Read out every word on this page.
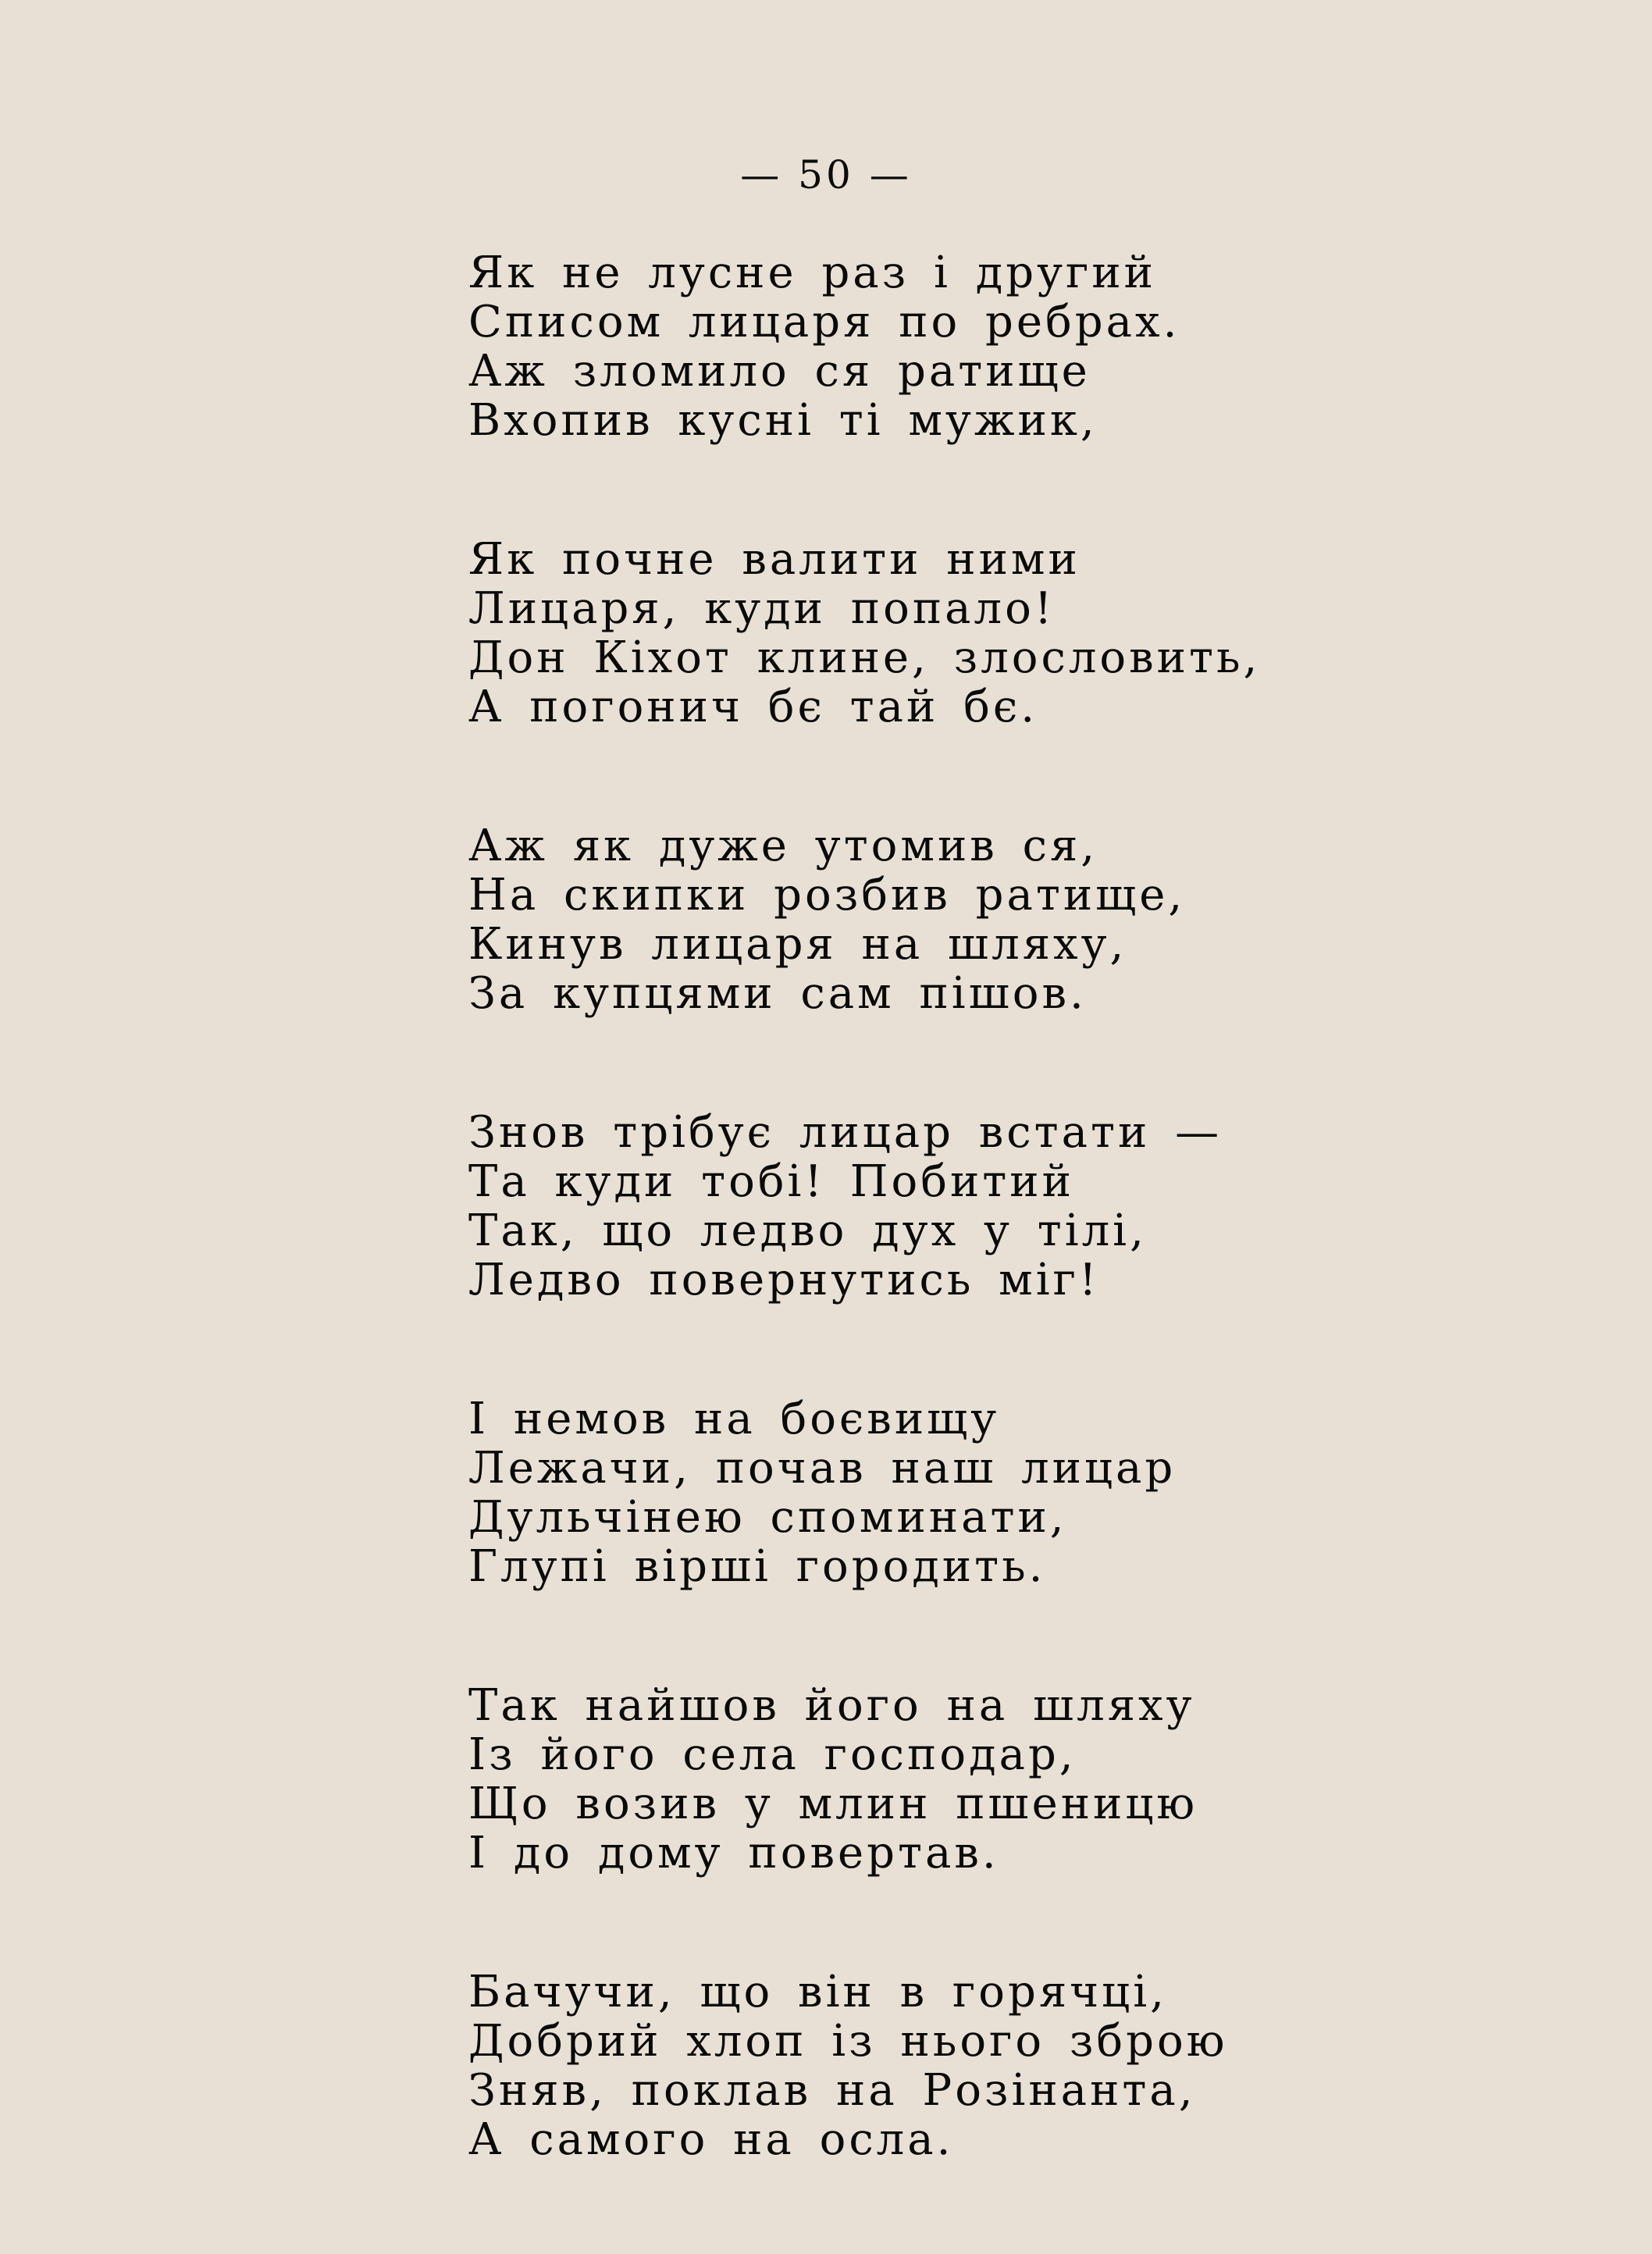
— 50 —
Як не лусне раз і другий
Списом лицаря по ребрах.
Аж зломило ся ратище
Вхопив кусні ті мужик,
Як почне валити ними
Лицаря, куди попало!
Дон Кіхот клине, злословить,
А погонич бє тай бє.
Аж як дуже утомив ся,
На скипки розбив ратище,
Кинув лицаря на шляху,
За купцями сам пішов.
Знов трібує лицар встати —
Та куди тобі! Побитий
Так, що ледво дух у тілі,
Ледво повернутись міг!
І немов на боєвищу
Лежачи, почав наш лицар
Дульчінею споминати,
Глупі вірші городить.
Так найшов його на шляху
Із його села господар,
Що возив у млин пшеницю
І до дому повертав.
Бачучи, що він в горячці,
Добрий хлоп із нього зброю
Зняв, поклав на Розінанта,
А самого на осла.
